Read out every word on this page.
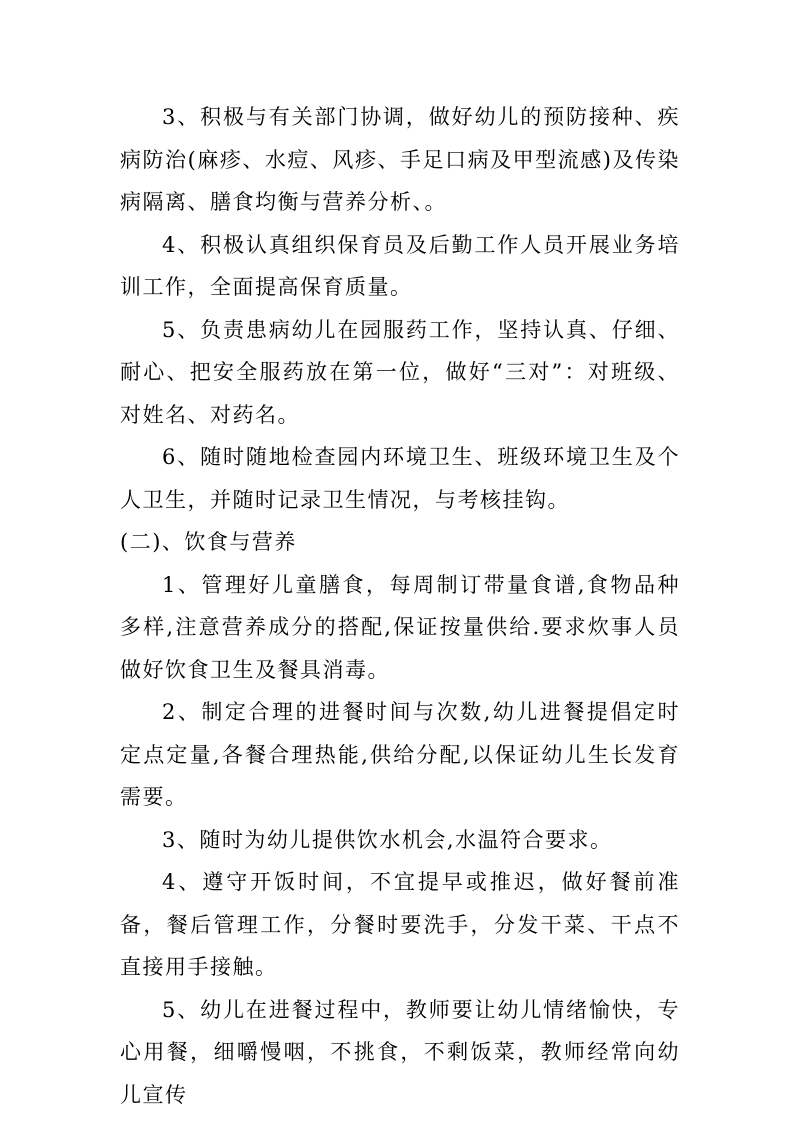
3、积极与有关部门协调，做好幼儿的预防接种、疾病防治(麻疹、水痘、风疹、手足口病及甲型流感)及传染病隔离、膳食均衡与营养分析、。

4、积极认真组织保育员及后勤工作人员开展业务培训工作，全面提高保育质量。

5、负责患病幼儿在园服药工作，坚持认真、仔细、耐心、把安全服药放在第一位，做好“三对”：对班级、对姓名、对药名。

6、随时随地检查园内环境卫生、班级环境卫生及个人卫生，并随时记录卫生情况，与考核挂钩。

(二)、饮食与营养

1、管理好儿童膳食，每周制订带量食谱,食物品种多样,注意营养成分的搭配,保证按量供给.要求炊事人员做好饮食卫生及餐具消毒。

2、制定合理的进餐时间与次数,幼儿进餐提倡定时定点定量,各餐合理热能,供给分配,以保证幼儿生长发育需要。

3、随时为幼儿提供饮水机会,水温符合要求。

4、遵守开饭时间，不宜提早或推迟，做好餐前准备，餐后管理工作，分餐时要洗手，分发干菜、干点不直接用手接触。

5、幼儿在进餐过程中，教师要让幼儿情绪愉快，专心用餐，细嚼慢咽，不挑食，不剩饭菜，教师经常向幼儿宣传
